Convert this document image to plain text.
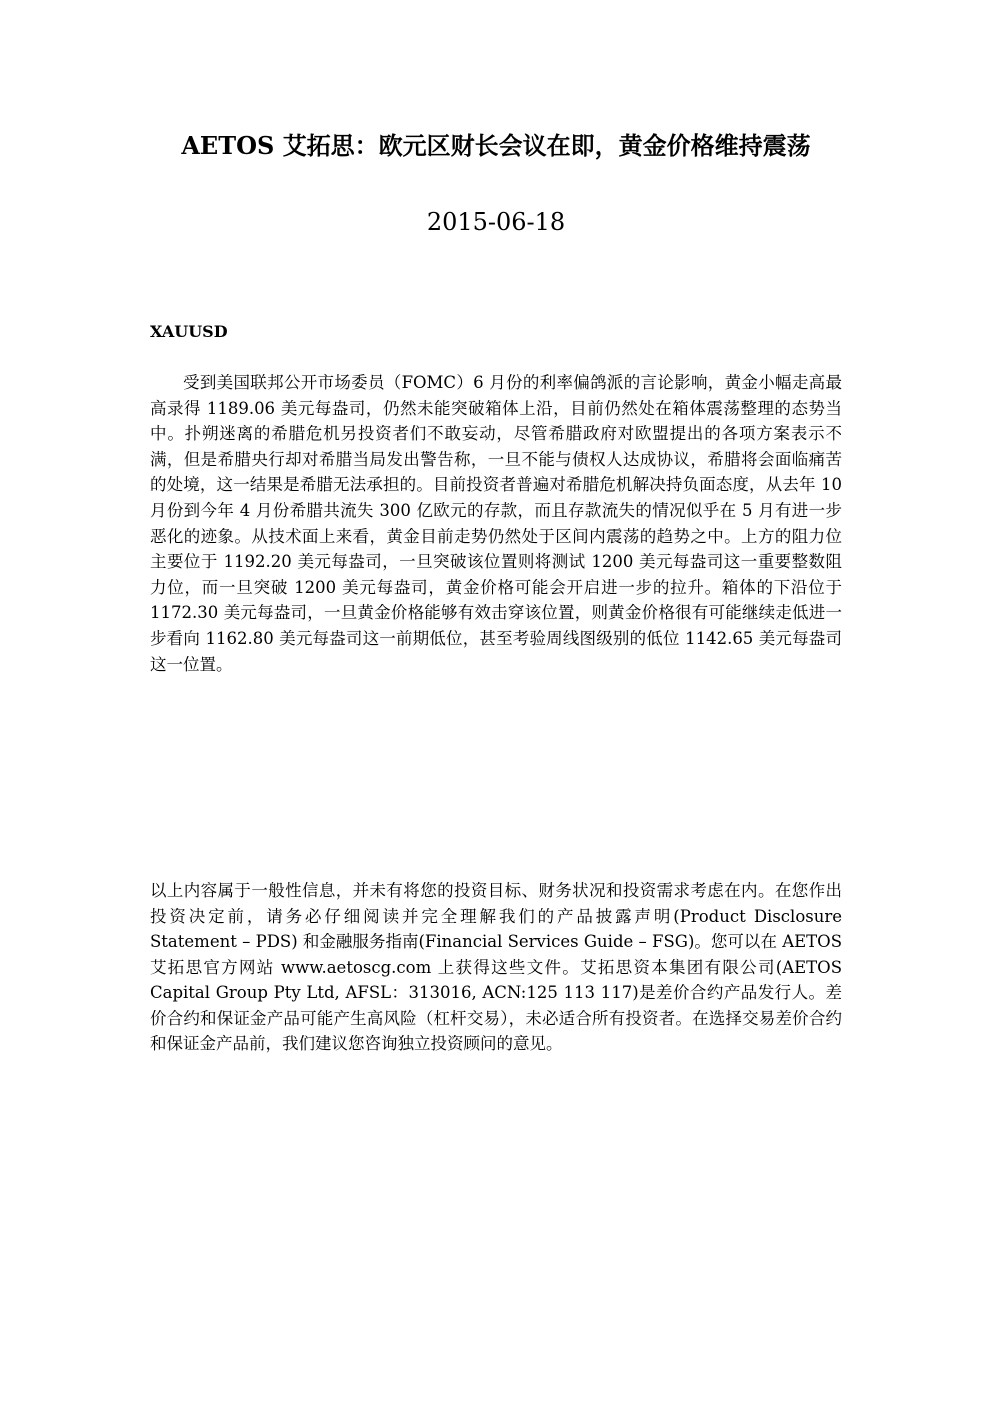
AETOS 艾拓思：欧元区财长会议在即，黄金价格维持震荡
2015-06-18
XAUUSD

受到美国联邦公开市场委员（FOMC）6 月份的利率偏鸽派的言论影响，黄金小幅走高最高录得 1189.06 美元每盎司，仍然未能突破箱体上沿，目前仍然处在箱体震荡整理的态势当中。扑朔迷离的希腊危机另投资者们不敢妄动，尽管希腊政府对欧盟提出的各项方案表示不满，但是希腊央行却对希腊当局发出警告称，一旦不能与债权人达成协议，希腊将会面临痛苦的处境，这一结果是希腊无法承担的。目前投资者普遍对希腊危机解决持负面态度，从去年 10 月份到今年 4 月份希腊共流失 300 亿欧元的存款，而且存款流失的情况似乎在 5 月有进一步恶化的迹象。从技术面上来看，黄金目前走势仍然处于区间内震荡的趋势之中。上方的阻力位主要位于 1192.20 美元每盎司，一旦突破该位置则将测试 1200 美元每盎司这一重要整数阻力位，而一旦突破 1200 美元每盎司，黄金价格可能会开启进一步的拉升。箱体的下沿位于 1172.30 美元每盎司，一旦黄金价格能够有效击穿该位置，则黄金价格很有可能继续走低进一步看向 1162.80 美元每盎司这一前期低位，甚至考验周线图级别的低位 1142.65 美元每盎司这一位置。

以上内容属于一般性信息，并未有将您的投资目标、财务状况和投资需求考虑在内。在您作出投资决定前，请务必仔细阅读并完全理解我们的产品披露声明(Product Disclosure Statement – PDS) 和金融服务指南(Financial Services Guide – FSG)。您可以在 AETOS 艾拓思官方网站 www.aetoscg.com 上获得这些文件。艾拓思资本集团有限公司(AETOS Capital Group Pty Ltd, AFSL：313016, ACN:125 113 117)是差价合约产品发行人。差价合约和保证金产品可能产生高风险（杠杆交易），未必适合所有投资者。在选择交易差价合约和保证金产品前，我们建议您咨询独立投资顾问的意见。
